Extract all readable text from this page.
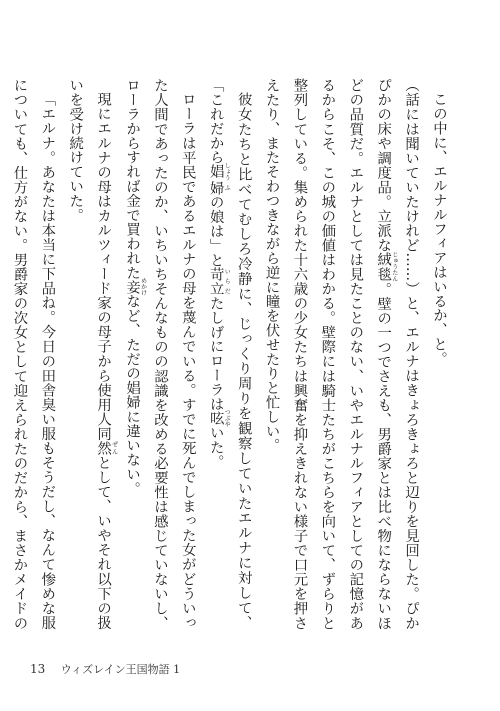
この中に、エルナルフィアはいるか、と。

（話には聞いていたけれど……）と、エルナはきょろきょろと辺りを見回した。ぴかぴかの床や調度品。立派な絨毯 じゅうたん。壁の一つでさえも、男爵家とは比べ物にならないほどの品質だ。エルナとしては見たことのない、いやエルナルフィアとしての記憶があるからこそ、この城の価値はわかる。壁際には騎士たちがこちらを向いて、ずらりと整列している。集められた十六歳の少女たちは興奮を抑えきれない様子で口元を押さえたり、またそわつきながら逆に瞳を伏せたりと忙しい。

彼女たちと比べてむしろ冷静に、じっくり周りを観察していたエルナに対して、「これだから娼 しょう婦 ふの娘は」と苛立 いらだたしげにローラは呟 つぶやいた。

ローラは平民であるエルナの母を蔑んでいる。すでに死んでしまった女がどういった人間であったのか、いちいちそんなものの認識を改める必要性は感じていないし、ローラからすれば金で買われた妾 めかけなど、ただの娼婦に違いない。

現にエルナの母はカルツィード家の母子から使用人同然 ぜんとして、いやそれ以下の扱いを受け続けていた。

「エルナ。あなたは本当に下品ね。今日の田舎臭い服もそうだし、なんて惨めな服についても、仕方がない。男爵家の次女として迎えられたのだから、まさかメイドの

13 ウィズレイン王国物語 1
